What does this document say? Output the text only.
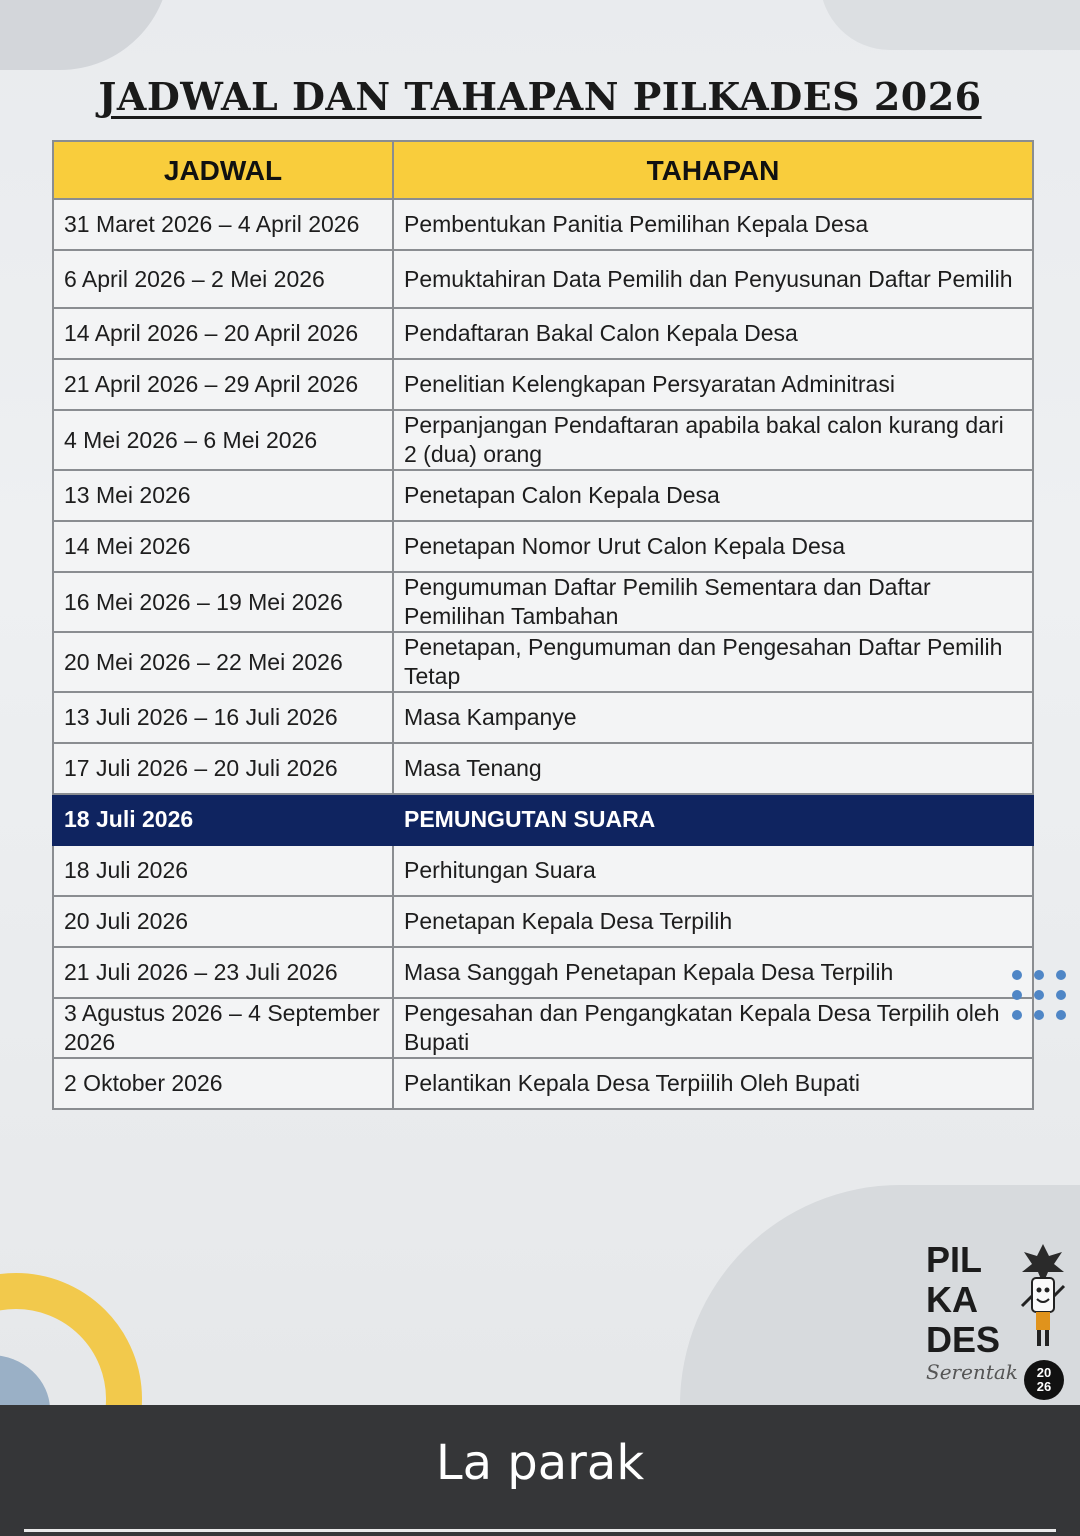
JADWAL DAN TAHAPAN PILKADES 2026
JADWAL	TAHAPAN
31 Maret 2026 – 4 April 2026	Pembentukan Panitia Pemilihan Kepala Desa
6 April 2026 – 2 Mei 2026	Pemuktahiran Data Pemilih dan Penyusunan Daftar Pemilih
14 April 2026 – 20 April 2026	Pendaftaran Bakal Calon Kepala Desa
21 April 2026 – 29 April 2026	Penelitian Kelengkapan Persyaratan Adminitrasi
4 Mei 2026 – 6 Mei 2026	Perpanjangan Pendaftaran apabila bakal calon kurang dari 2 (dua) orang
13 Mei 2026	Penetapan Calon Kepala Desa
14 Mei 2026	Penetapan Nomor Urut Calon Kepala Desa
16 Mei 2026 – 19 Mei 2026	Pengumuman Daftar Pemilih Sementara dan Daftar Pemilihan Tambahan
20 Mei 2026 – 22 Mei 2026	Penetapan, Pengumuman dan Pengesahan Daftar Pemilih Tetap
13 Juli 2026 – 16 Juli 2026	Masa Kampanye
17 Juli 2026 – 20 Juli 2026	Masa Tenang
18 Juli 2026	PEMUNGUTAN SUARA
18 Juli 2026	Perhitungan Suara
20 Juli 2026	Penetapan Kepala Desa Terpilih
21 Juli 2026 – 23 Juli 2026	Masa Sanggah Penetapan Kepala Desa Terpilih
3 Agustus 2026 – 4 September 2026	Pengesahan dan Pengangkatan Kepala Desa Terpilih oleh Bupati
2 Oktober 2026	Pelantikan Kepala Desa Terpiilih Oleh Bupati
PIL
KA
DES
Serentak	20
26
La parak
